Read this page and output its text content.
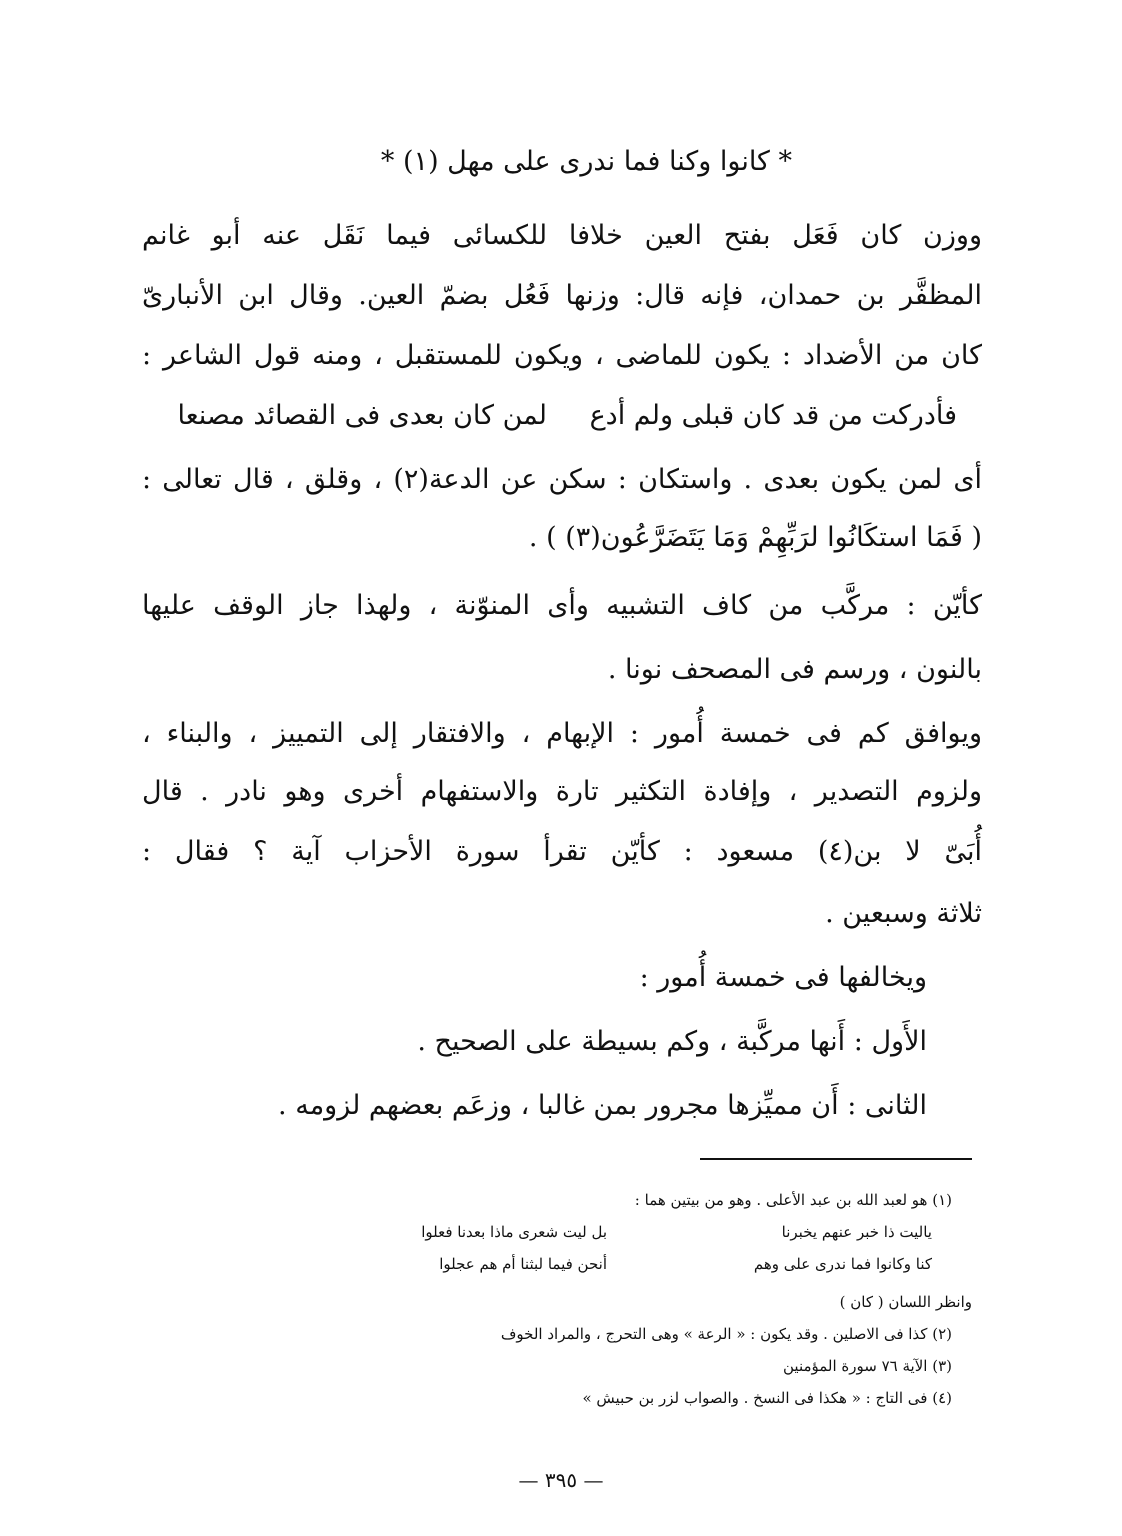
* كانوا وكنا فما ندرى على مهل (١) *
ووزن كان فَعَل بفتح العين خلافا للكسائى فيما نَقَل عنه أبو غانم
المظفَّر بن حمدان، فإنه قال: وزنها فَعُل بضمّ العين. وقال ابن الأنبارىّ
كان من الأضداد : يكون للماضى ، ويكون للمستقبل ، ومنه قول الشاعر :
فأدركت من قد كان قبلى ولم أدع
لمن كان بعدى فى القصائد مصنعا
أى لمن يكون بعدى . واستكان : سكن عن الدعة(٢) ، وقلق ، قال تعالى :
( فَمَا استكَانُوا لرَبِّهِمْ وَمَا يَتَضَرَّعُون(٣) ) .
كأيّن : مركَّب من كاف التشبيه وأى المنوّنة ، ولهذا جاز الوقف عليها
بالنون ، ورسم فى المصحف نونا .
ويوافق كم فى خمسة أُمور : الإبهام ، والافتقار إلى التمييز ، والبناء ،
ولزوم التصدير ، وإفادة التكثير تارة والاستفهام أخرى وهو نادر . قال
أُبَىّ لا بن(٤) مسعود : كأيّن تقرأ سورة الأحزاب آية ؟ فقال :
ثلاثة وسبعين .
ويخالفها فى خمسة أُمور :
الأَول : أَنها مركَّبة ، وكم بسيطة على الصحيح .
الثانى : أَن مميِّزها مجرور بمن غالبا ، وزعَم بعضهم لزومه .
(١) هو لعبد الله بن عبد الأعلى . وهو من بيتين هما :
ياليت ذا خبر عنهم يخبرنا
بل ليت شعرى ماذا بعدنا فعلوا
كنا وكانوا فما ندرى على وهم
أنحن فيما لبثنا أم هم عجلوا
وانظر اللسان ( كان )
(٢) كذا فى الاصلين . وقد يكون : « الرعة » وهى التحرج ، والمراد الخوف
(٣) الآية ٧٦ سورة المؤمنين
(٤) فى التاج : « هكذا فى النسخ . والصواب لزر بن حبيش »
— ٣٩٥ —
